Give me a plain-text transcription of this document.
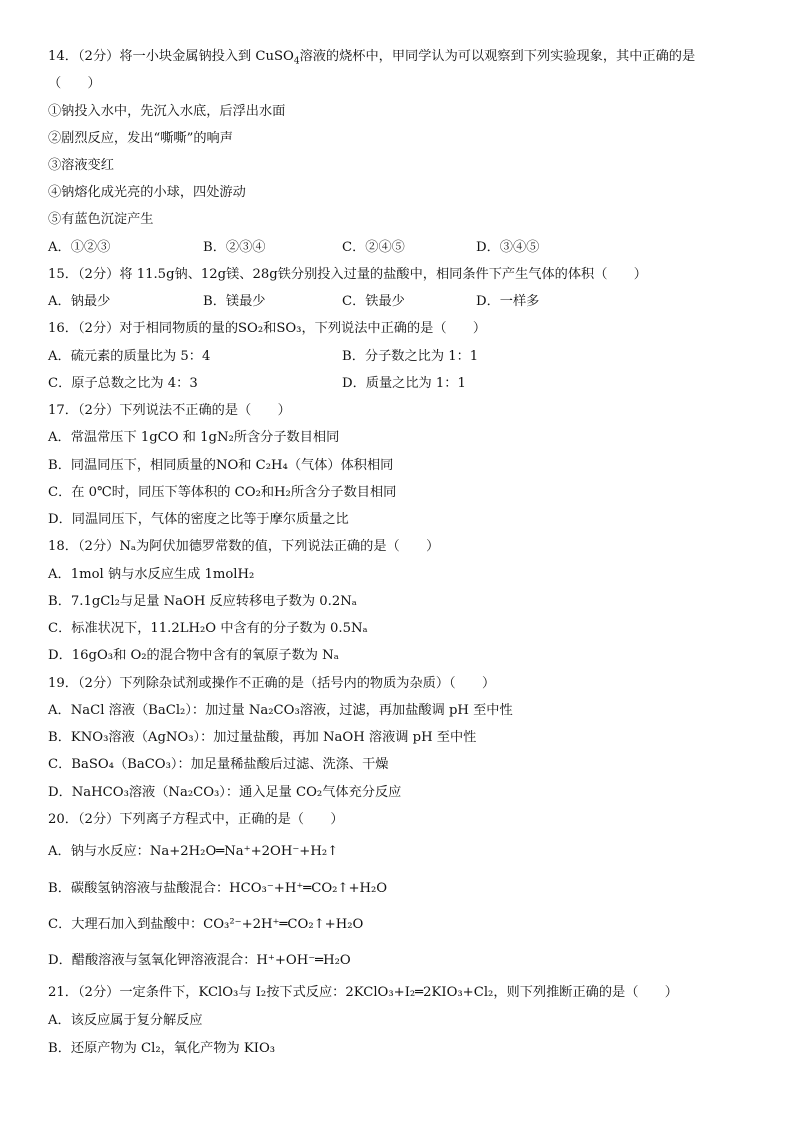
14．（2分）将一小块金属钠投入到 CuSO$_4$溶液的烧杯中，甲同学认为可以观察到下列实验现象，其中正确的是
（　　）
①钠投入水中，先沉入水底，后浮出水面
②剧烈反应，发出“嘶嘶”的响声
③溶液变红
④钠熔化成光亮的小球，四处游动
⑤有蓝色沉淀产生
A．①②③	B．②③④	C．②④⑤	D．③④⑤
15．（2分）将 11.5g钠、12g镁、28g铁分别投入过量的盐酸中，相同条件下产生气体的体积（　　）
A．钠最少	B．镁最少	C．铁最少	D．一样多
16．（2分）对于相同物质的量的SO₂和SO₃，下列说法中正确的是（　　）
A．硫元素的质量比为 5：4	B．分子数之比为 1：1
C．原子总数之比为 4：3	D．质量之比为 1：1
17．（2分）下列说法不正确的是（　　）
A．常温常压下 1gCO 和 1gN₂所含分子数目相同
B．同温同压下，相同质量的NO和 C₂H₄（气体）体积相同
C．在 0℃时，同压下等体积的 CO₂和H₂所含分子数目相同
D．同温同压下，气体的密度之比等于摩尔质量之比
18．（2分）Nₐ为阿伏加德罗常数的值，下列说法正确的是（　　）
A．1mol 钠与水反应生成 1molH₂
B．7.1gCl₂与足量 NaOH 反应转移电子数为 0.2Nₐ
C．标准状况下，11.2LH₂O 中含有的分子数为 0.5Nₐ
D．16gO₃和 O₂的混合物中含有的氧原子数为 Nₐ
19．（2分）下列除杂试剂或操作不正确的是（括号内的物质为杂质）（　　）
A．NaCl 溶液（BaCl₂）：加过量 Na₂CO₃溶液，过滤，再加盐酸调 pH 至中性
B．KNO₃溶液（AgNO₃）：加过量盐酸，再加 NaOH 溶液调 pH 至中性
C．BaSO₄（BaCO₃）：加足量稀盐酸后过滤、洗涤、干燥
D．NaHCO₃溶液（Na₂CO₃）：通入足量 CO₂气体充分反应
20．（2分）下列离子方程式中，正确的是（　　）
A．钠与水反应：Na+2H₂O═Na⁺+2OH⁻+H₂↑
B．碳酸氢钠溶液与盐酸混合：HCO₃⁻+H⁺═CO₂↑+H₂O
C．大理石加入到盐酸中：CO₃²⁻+2H⁺═CO₂↑+H₂O
D．醋酸溶液与氢氧化钾溶液混合：H⁺+OH⁻═H₂O
21．（2分）一定条件下，KClO₃与 I₂按下式反应：2KClO₃+I₂═2KIO₃+Cl₂，则下列推断正确的是（　　）
A．该反应属于复分解反应
B．还原产物为 Cl₂，氧化产物为 KIO₃
